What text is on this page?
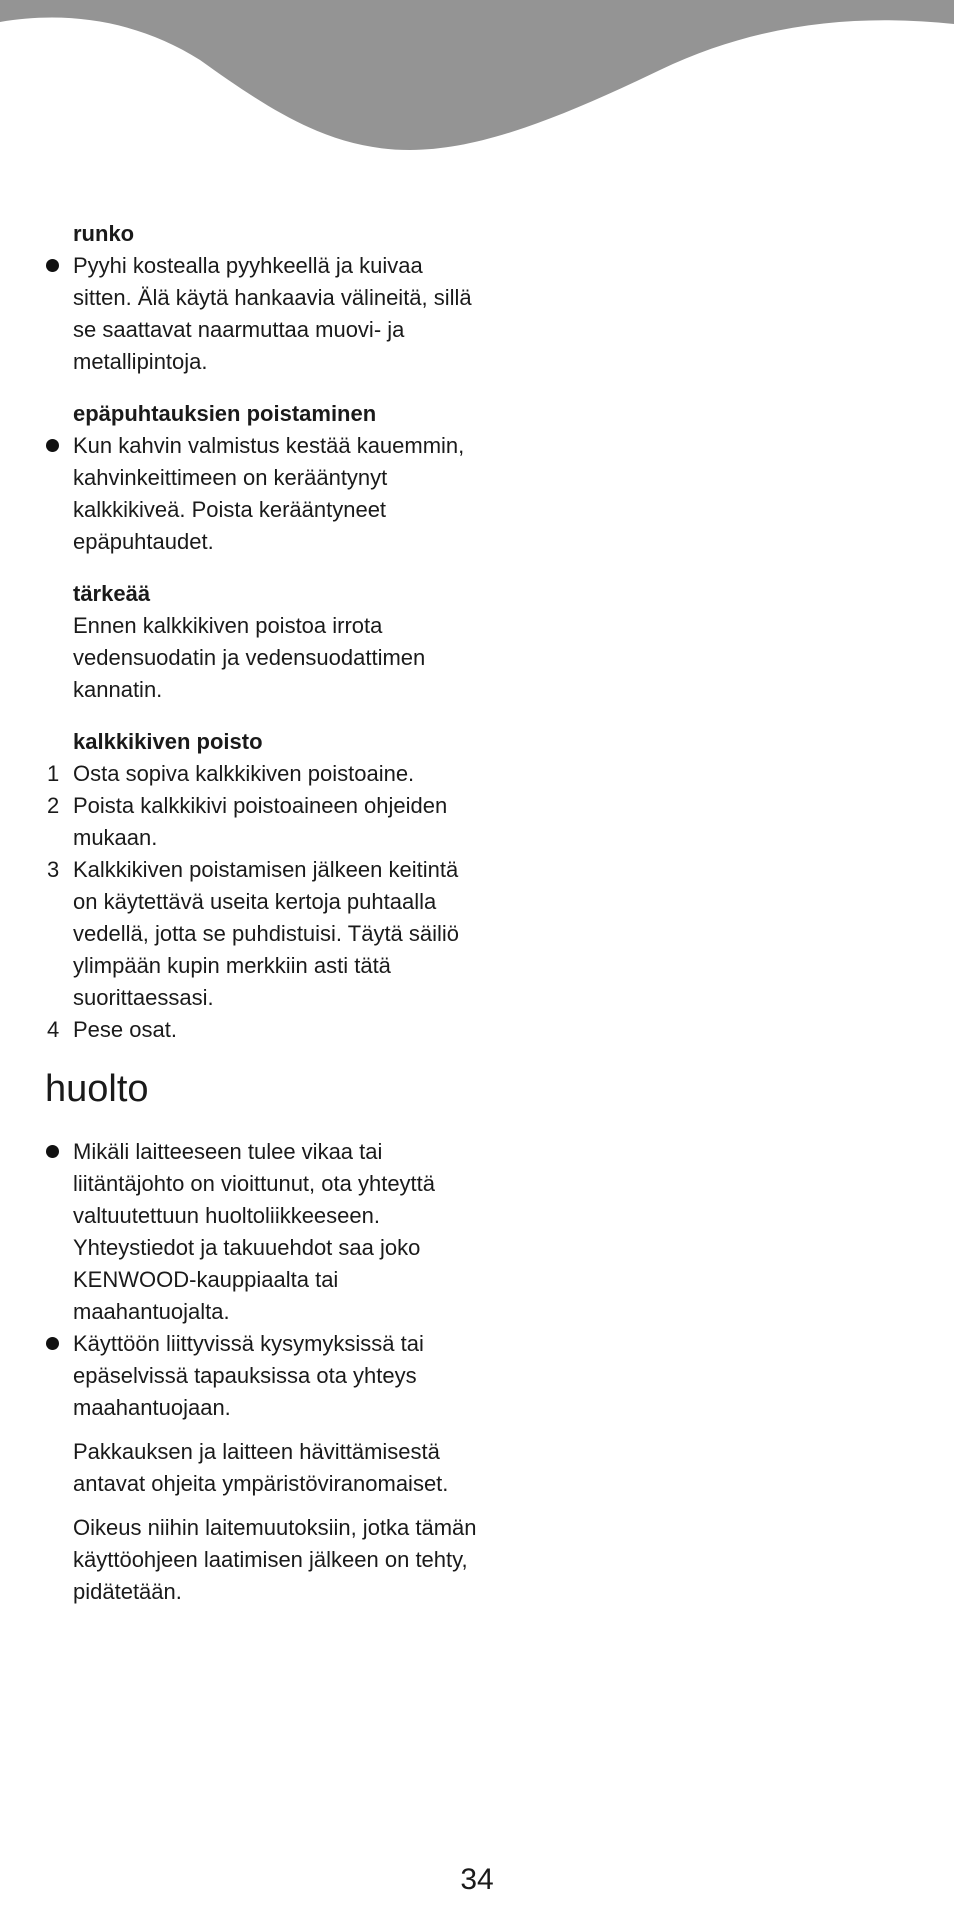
runko
Pyyhi kostealla pyyhkeellä ja kuivaa sitten. Älä käytä hankaavia välineitä, sillä se saattavat naarmuttaa muovi- ja metallipintoja.
epäpuhtauksien poistaminen
Kun kahvin valmistus kestää kauemmin, kahvinkeittimeen on kerääntynyt kalkkikiveä. Poista kerääntyneet epäpuhtaudet.
tärkeää
Ennen kalkkikiven poistoa irrota vedensuodatin ja vedensuodattimen kannatin.
kalkkikiven poisto
1 Osta sopiva kalkkikiven poistoaine.
2 Poista kalkkikivi poistoaineen ohjeiden mukaan.
3 Kalkkikiven poistamisen jälkeen keitintä on käytettävä useita kertoja puhtaalla vedellä, jotta se puhdistuisi. Täytä säiliö ylimpään kupin merkkiin asti tätä suorittaessasi.
4 Pese osat.
huolto
Mikäli laitteeseen tulee vikaa tai liitäntäjohto on vioittunut, ota yhteyttä valtuutettuun huoltoliikkeeseen. Yhteystiedot ja takuuehdot saa joko KENWOOD-kauppiaalta tai maahantuojalta.
Käyttöön liittyvissä kysymyksissä tai epäselvissä tapauksissa ota yhteys maahantuojaan.
Pakkauksen ja laitteen hävittämisestä antavat ohjeita ympäristöviranomaiset.
Oikeus niihin laitemuutoksiin, jotka tämän käyttöohjeen laatimisen jälkeen on tehty, pidätetään.
34
